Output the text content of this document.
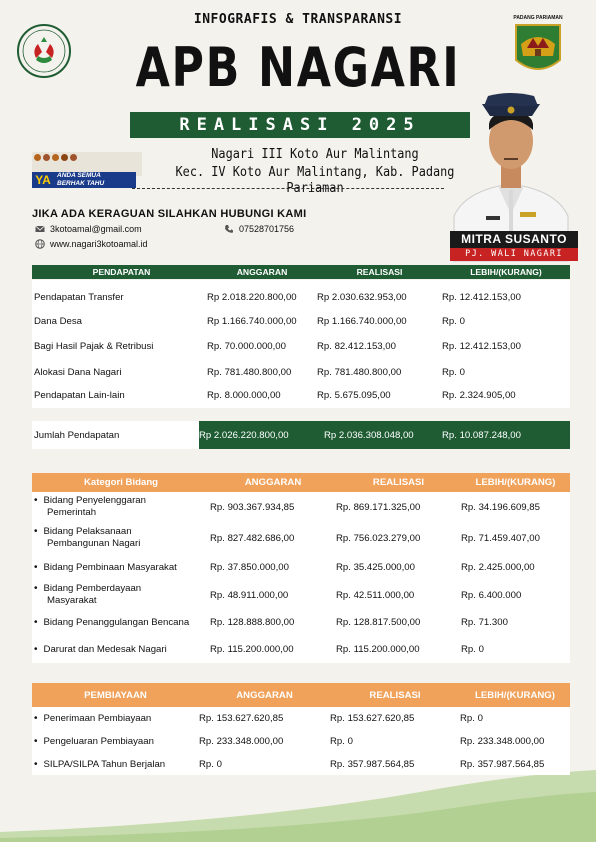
PADANG PARIAMAN
INFOGRAFIS & TRANSPARANSI
APB NAGARI
REALISASI 2025
Nagari III Koto Aur Malintang
Kec. IV Koto Aur Malintang, Kab. Padang Pariaman
YA ANDA SEMUA
BERHAK TAHU
JIKA ADA KERAGUAN SILAHKAN HUBUNGI KAMI
3kotoamal@gmail.com	07528701756
www.nagari3kotoamal.id	MITRA SUSANTO
PJ. WALI NAGARI
PENDAPATAN	ANGGARAN	REALISASI	LEBIH/(KURANG)
Pendapatan Transfer	Rp 2.018.220.800,00	Rp 2.030.632.953,00	Rp. 12.412.153,00
Dana Desa	Rp 1.166.740.000,00	Rp 1.166.740.000,00	Rp. 0
Bagi Hasil Pajak & Retribusi	Rp. 70.000.000,00	Rp. 82.412.153,00	Rp. 12.412.153,00
Alokasi Dana Nagari	Rp. 781.480.800,00	Rp. 781.480.800,00	Rp. 0
Pendapatan Lain-lain	Rp. 8.000.000,00	Rp. 5.675.095,00	Rp. 2.324.905,00
Jumlah Pendapatan	Rp 2.026.220.800,00	Rp 2.036.308.048,00	Rp. 10.087.248,00
Kategori Bidang	ANGGARAN	REALISASI	LEBIH/(KURANG)

• Bidang Penyelenggaran
Pemerintah	Rp. 903.367.934,85	Rp. 869.171.325,00	Rp. 34.196.609,85

• Bidang Pelaksanaan
Pembangunan Nagari	Rp. 827.482.686,00	Rp. 756.023.279,00	Rp. 71.459.407,00

• Bidang Pembinaan Masyarakat	Rp. 37.850.000,00	Rp. 35.425.000,00	Rp. 2.425.000,00

• Bidang Pemberdayaan
Masyarakat	Rp. 48.911.000,00	Rp. 42.511.000,00	Rp. 6.400.000

• Bidang Penanggulangan Bencana	Rp. 128.888.800,00	Rp. 128.817.500,00	Rp. 71.300

• Darurat dan Medesak Nagari	Rp. 115.200.000,00	Rp. 115.200.000,00	Rp. 0
PEMBIAYAAN	ANGGARAN	REALISASI	LEBIH/(KURANG)

• Penerimaan Pembiayaan	Rp. 153.627.620,85	Rp. 153.627.620,85	Rp. 0

• Pengeluaran Pembiayaan	Rp. 233.348.000,00	Rp. 0	Rp. 233.348.000,00

• SILPA/SILPA Tahun Berjalan	Rp. 0	Rp. 357.987.564,85	Rp. 357.987.564,85
